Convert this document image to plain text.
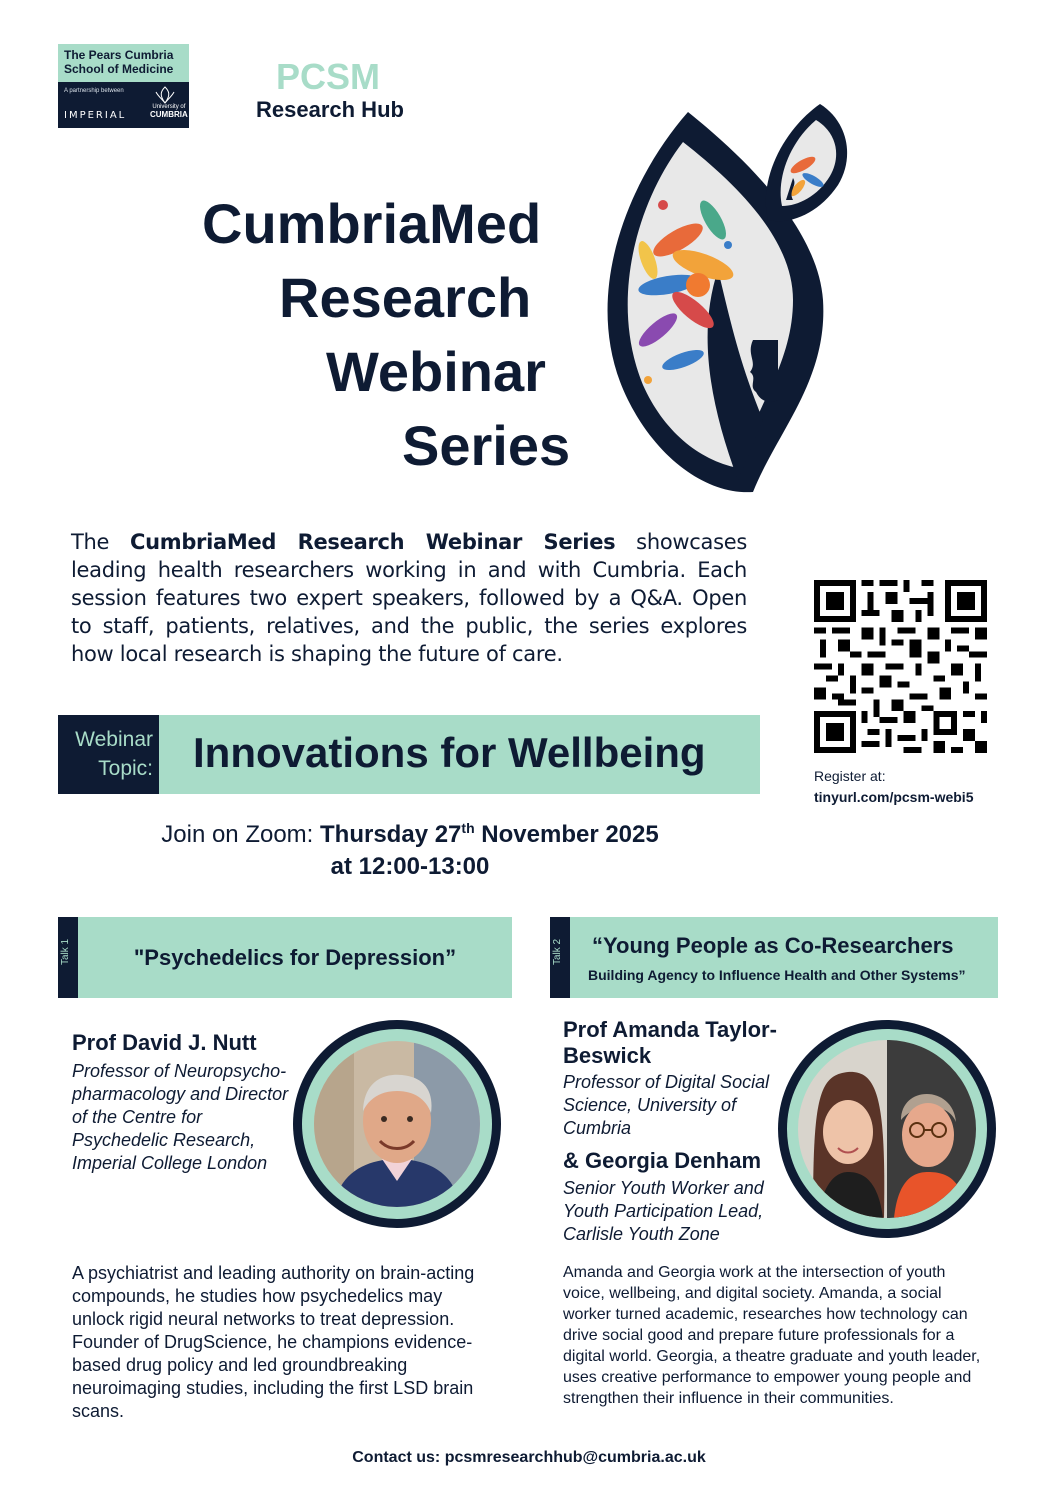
The Pears Cumbria
School of Medicine
A partnership between
IMPERIAL
University of
CUMBRIA
PCSM
Research Hub
CumbriaMed
Research
Webinar
Series
The CumbriaMed Research Webinar Series showcases leading health researchers working in and with Cumbria. Each session features two expert speakers, followed by a Q&A. Open to staff, patients, relatives, and the public, the series explores how local research is shaping the future of care.
Register at:
tinyurl.com/pcsm-webi5
Webinar
Topic: Innovations for Wellbeing
Join on Zoom: Thursday 27th November 2025
at 12:00-13:00
Talk 1	"Psychedelics for Depression”	Talk 2 “Young People as Co-Researchers
Building Agency to Influence Health and Other Systems”
Prof David J. Nutt
Professor of Neuropsycho-pharmacology and Director of the Centre for Psychedelic Research, Imperial College London
A psychiatrist and leading authority on brain-acting compounds, he studies how psychedelics may unlock rigid neural networks to treat depression. Founder of DrugScience, he champions evidence-based drug policy and led groundbreaking neuroimaging studies, including the first LSD brain scans.
Prof Amanda Taylor-Beswick
Professor of Digital Social Science, University of Cumbria
& Georgia Denham
Senior Youth Worker and Youth Participation Lead, Carlisle Youth Zone
Amanda and Georgia work at the intersection of youth voice, wellbeing, and digital society. Amanda, a social worker turned academic, researches how technology can drive social good and prepare future professionals for a digital world. Georgia, a theatre graduate and youth leader, uses creative performance to empower young people and strengthen their influence in their communities.
Contact us: pcsmresearchhub@cumbria.ac.uk
